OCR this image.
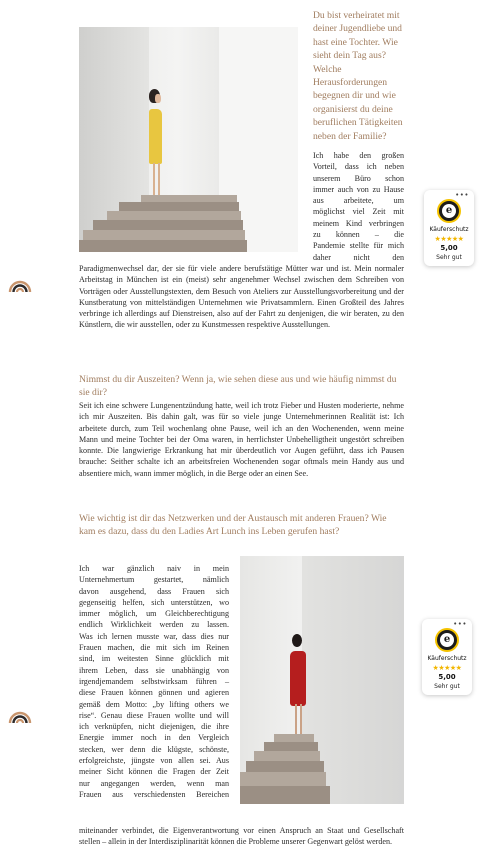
Du bist verheiratet mit
deiner Jugendliebe und
hast eine Tochter. Wie
sieht dein Tag aus?
Welche
Herausforderungen
begegnen dir und wie
organisierst du deine
beruflichen Tätigkeiten
neben der Familie?
Ich habe den großen
Vorteil, dass ich neben
unserem Büro schon
immer auch von zu Hause
aus arbeitete, um
möglichst viel Zeit mit
meinem Kind verbringen
zu können – die
Pandemie stellte für mich
daher nicht den

Paradigmenwechsel dar, der sie für viele andere berufstätige Mütter war und ist. Mein normaler Arbeitstag in München ist ein (meist) sehr angenehmer Wechsel zwischen dem Schreiben von Vorträgen oder Ausstellungstexten, dem Besuch von Ateliers zur Ausstellungsvorbereitung und der Kunstberatung von mittelständigen Unternehmen wie Privatsammlern. Einen Großteil des Jahres verbringe ich allerdings auf Dienstreisen, also auf der Fahrt zu denjenigen, die wir beraten, zu den Künstlern, die wir ausstellen, oder zu Kunstmessen respektive Ausstellungen.

Nimmst du dir Auszeiten? Wenn ja, wie sehen diese aus und wie häufig nimmst du sie dir?

Seit ich eine schwere Lungenentzündung hatte, weil ich trotz Fieber und Husten moderierte, nehme ich mir Auszeiten. Bis dahin galt, was für so viele junge Unternehmerinnen Realität ist: Ich arbeitete durch, zum Teil wochenlang ohne Pause, weil ich an den Wochenenden, wenn meine Mann und meine Tochter bei der Oma waren, in herrlichster Unbehelligtheit ungestört schreiben konnte. Die langwierige Erkrankung hat mir überdeutlich vor Augen geführt, dass ich Pausen brauche: Seither schalte ich an arbeitsfreien Wochenenden sogar oftmals mein Handy aus und absentiere mich, wann immer möglich, in die Berge oder an einen See.

Wie wichtig ist dir das Netzwerken und der Austausch mit anderen Frauen? Wie kam es dazu, dass du den Ladies Art Lunch ins Leben gerufen hast?

Ich war gänzlich naiv in mein
Unternehmertum gestartet, nämlich
davon ausgehend, dass Frauen sich
gegenseitig helfen, sich unterstützen, wo
immer möglich, um Gleichberechtigung
endlich Wirklichkeit werden zu lassen.
Was ich lernen musste war, dass dies nur
Frauen machen, die mit sich im Reinen
sind, im weitesten Sinne glücklich mit
ihrem Leben, dass sie unabhängig von
irgendjemandem selbstwirksam führen –
diese Frauen können gönnen und agieren
gemäß dem Motto: „by lifting others we
rise“. Genau diese Frauen wollte und will
ich verknüpfen, nicht diejenigen, die ihre
Energie immer noch in den Vergleich
stecken, wer denn die klügste, schönste,
erfolgreichste, jüngste von allen sei. Aus
meiner Sicht können die Fragen der Zeit
nur angegangen werden, wenn man
Frauen aus verschiedensten Bereichen

miteinander verbindet, die Eigenverantwortung vor einen Anspruch an Staat und Gesellschaft stellen – allein in der Interdisziplinarität können die Probleme unserer Gegenwart gelöst werden.

•••
e
Käuferschutz
★★★★★
5,00
Sehr gut
•••
e
Käuferschutz
★★★★★
5,00
Sehr gut
